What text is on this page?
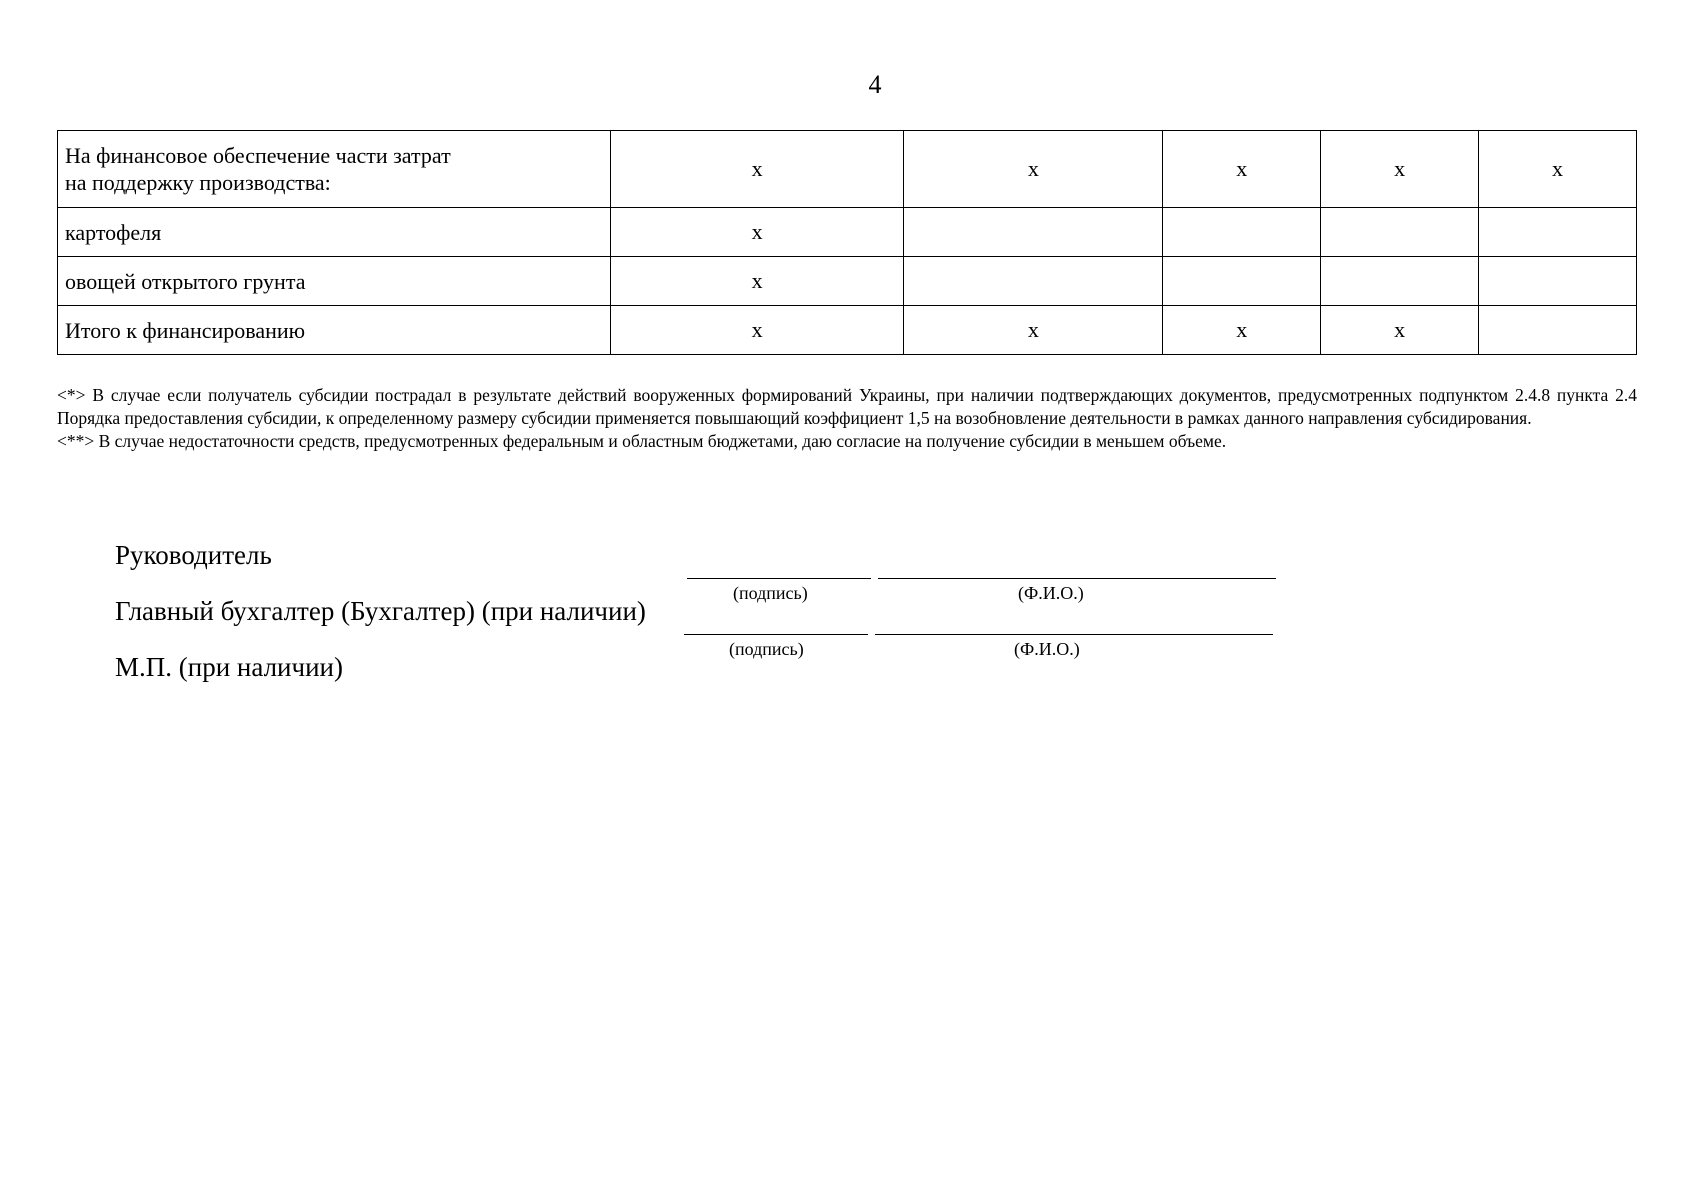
4
На финансовое обеспечение части затрат
на поддержку производства:	х	х	х	х	х

картофеля	х				

овощей открытого грунта	х				

Итого к финансированию	х	х	х	х	

<*> В случае если получатель субсидии пострадал в результате действий вооруженных формирований Украины, при наличии подтверждающих документов, предусмотренных подпунктом 2.4.8 пункта 2.4 Порядка предоставления субсидии, к определенному размеру субсидии применяется повышающий коэффициент 1,5 на возобновление деятельности в рамках данного направления субсидирования.

<**> В случае недостаточности средств, предусмотренных федеральным и областным бюджетами, даю согласие на получение субсидии в меньшем объеме.

Руководитель
(подпись)	(Ф.И.О.)
Главный бухгалтер (Бухгалтер) (при наличии)
(подпись)	(Ф.И.О.)
М.П. (при наличии)
